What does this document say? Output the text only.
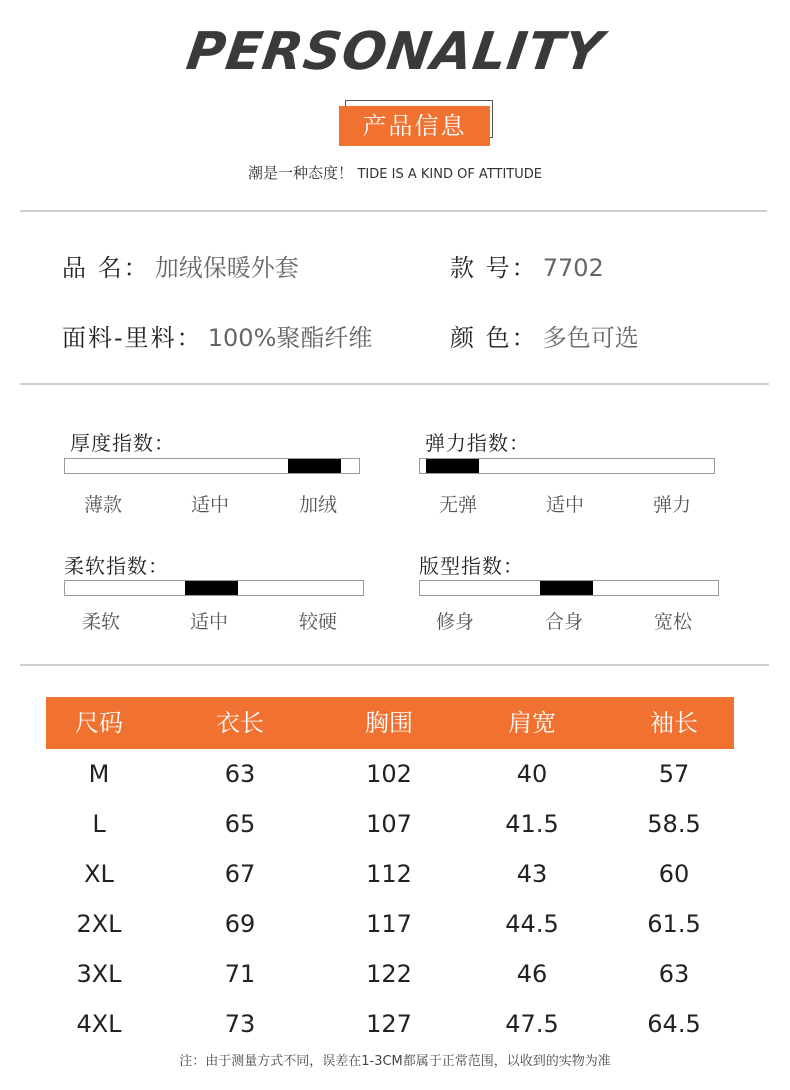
PERSONALITY
产品信息
潮是一种态度！ TIDE IS A KIND OF ATTITUDE
品 名： 加绒保暖外套	款 号： 7702
面料-里料： 100%聚酯纤维	颜 色： 多色可选
厚度指数：
薄款	适中	加绒
弹力指数：
无弹	适中	弹力
柔软指数：
柔软	适中	较硬
版型指数：
修身	合身	宽松
尺码	衣长	胸围	肩宽	袖长
M	63	102	40	57
L	65	107	41.5	58.5
XL	67	112	43	60
2XL	69	117	44.5	61.5
3XL	71	122	46	63
4XL	73	127	47.5	64.5
注：由于测量方式不同，误差在1-3CM都属于正常范围，以收到的实物为准
